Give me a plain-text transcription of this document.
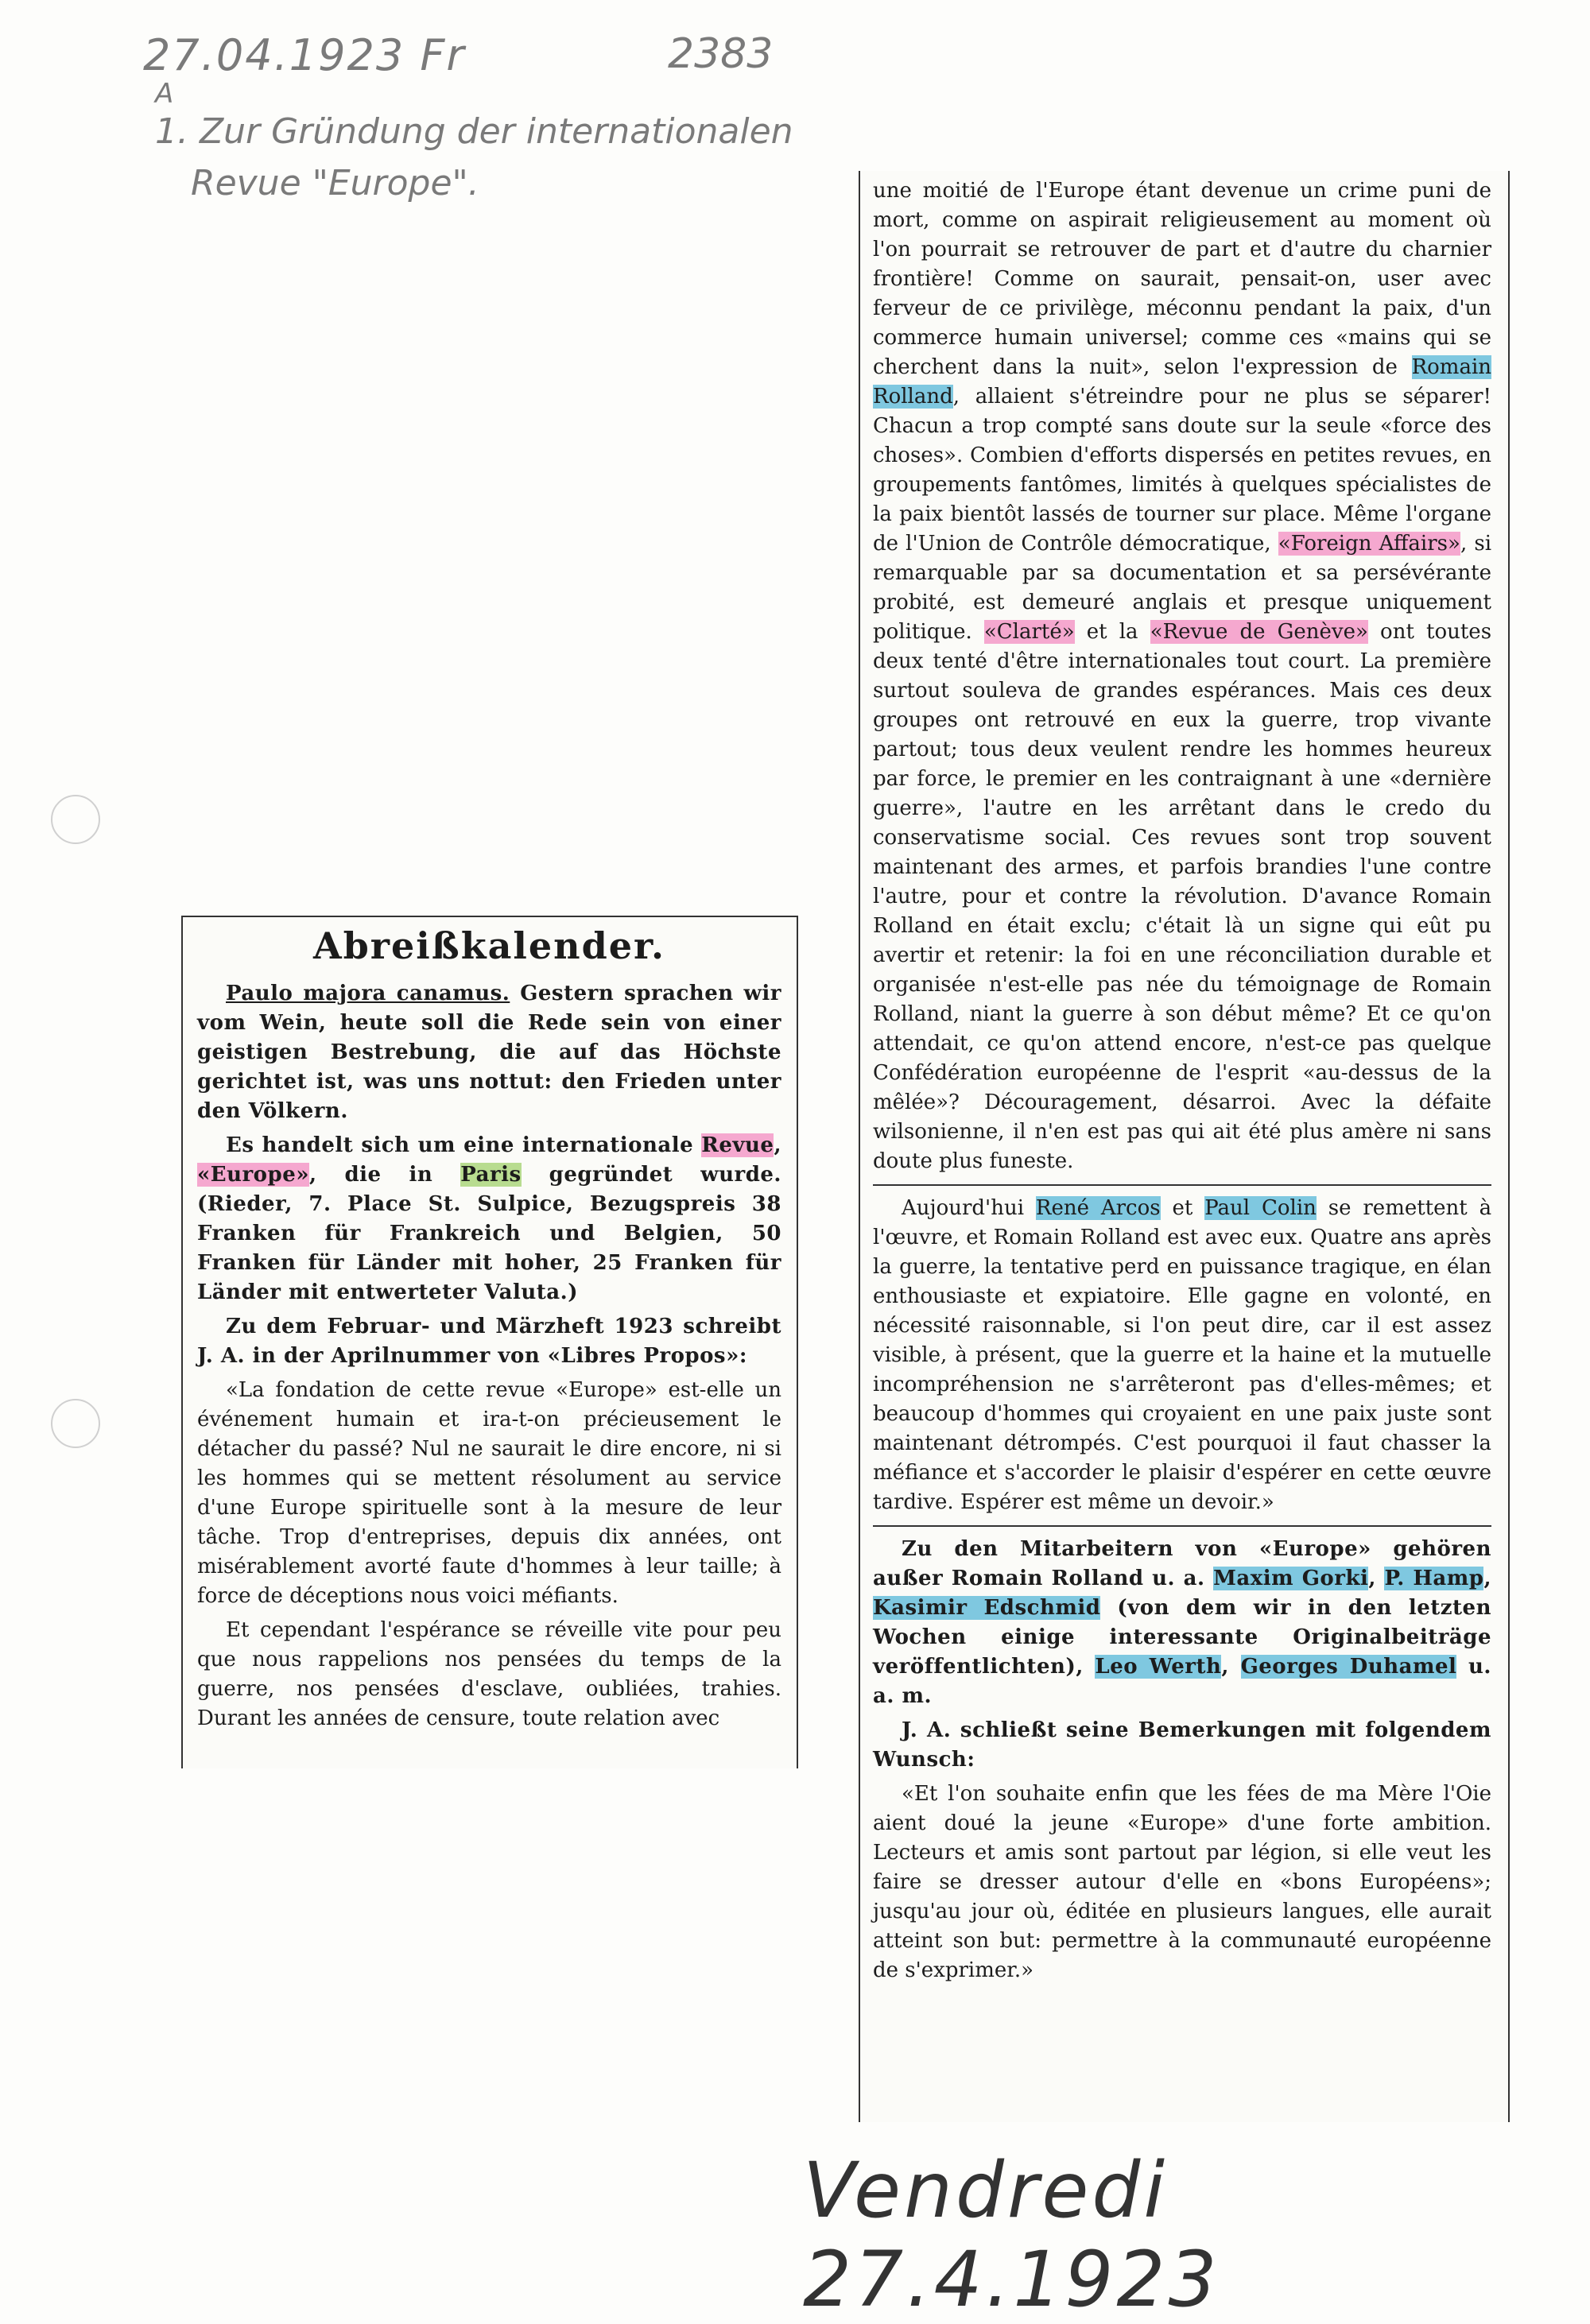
27.04.1923 Fr	2383
A
1. Zur Gründung der internationalen
Revue "Europe".
Abreißkalender.

Paulo majora canamus. Gestern sprachen wir vom Wein, heute soll die Rede sein von einer geistigen Bestrebung, die auf das Höchste gerichtet ist, was uns nottut: den Frieden unter den Völkern.

Es handelt sich um eine internationale Revue, «Europe», die in Paris gegründet wurde. (Rieder, 7. Place St. Sulpice, Bezugspreis 38 Franken für Frankreich und Belgien, 50 Franken für Länder mit hoher, 25 Franken für Länder mit entwerteter Valuta.)

Zu dem Februar- und Märzheft 1923 schreibt J. A. in der Aprilnummer von «Libres Propos»:

«La fondation de cette revue «Europe» est-elle un événement humain et ira-t-on précieusement le détacher du passé? Nul ne saurait le dire encore, ni si les hommes qui se mettent résolument au service d'une Europe spirituelle sont à la mesure de leur tâche. Trop d'entreprises, depuis dix années, ont misérablement avorté faute d'hommes à leur taille; à force de déceptions nous voici méfiants.

Et cependant l'espérance se réveille vite pour peu que nous rappelions nos pensées du temps de la guerre, nos pensées d'esclave, oubliées, trahies. Durant les années de censure, toute relation avec

une moitié de l'Europe étant devenue un crime puni de mort, comme on aspirait religieusement au moment où l'on pourrait se retrouver de part et d'autre du charnier frontière! Comme on saurait, pensait-on, user avec ferveur de ce privilège, méconnu pendant la paix, d'un commerce humain universel; comme ces «mains qui se cherchent dans la nuit», selon l'expression de Romain Rolland, allaient s'étreindre pour ne plus se séparer! Chacun a trop compté sans doute sur la seule «force des choses». Combien d'efforts dispersés en petites revues, en groupements fantômes, limités à quelques spécialistes de la paix bientôt lassés de tourner sur place. Même l'organe de l'Union de Contrôle démocratique, «Foreign Affairs», si remarquable par sa documentation et sa persévérante probité, est demeuré anglais et presque uniquement politique. «Clarté» et la «Revue de Genève» ont toutes deux tenté d'être internationales tout court. La première surtout souleva de grandes espérances. Mais ces deux groupes ont retrouvé en eux la guerre, trop vivante partout; tous deux veulent rendre les hommes heureux par force, le premier en les contraignant à une «dernière guerre», l'autre en les arrêtant dans le credo du conservatisme social. Ces revues sont trop souvent maintenant des armes, et parfois brandies l'une contre l'autre, pour et contre la révolution. D'avance Romain Rolland en était exclu; c'était là un signe qui eût pu avertir et retenir: la foi en une réconciliation durable et organisée n'est-elle pas née du témoignage de Romain Rolland, niant la guerre à son début même? Et ce qu'on attendait, ce qu'on attend encore, n'est-ce pas quelque Confédération européenne de l'esprit «au-dessus de la mêlée»? Découragement, désarroi. Avec la défaite wilsonienne, il n'en est pas qui ait été plus amère ni sans doute plus funeste.

Aujourd'hui René Arcos et Paul Colin se remettent à l'œuvre, et Romain Rolland est avec eux. Quatre ans après la guerre, la tentative perd en puissance tragique, en élan enthousiaste et expiatoire. Elle gagne en volonté, en nécessité raisonnable, si l'on peut dire, car il est assez visible, à présent, que la guerre et la haine et la mutuelle incompréhension ne s'arrêteront pas d'elles-mêmes; et beaucoup d'hommes qui croyaient en une paix juste sont maintenant détrompés. C'est pourquoi il faut chasser la méfiance et s'accorder le plaisir d'espérer en cette œuvre tardive. Espérer est même un devoir.»

Zu den Mitarbeitern von «Europe» gehören außer Romain Rolland u. a. Maxim Gorki, P. Hamp, Kasimir Edschmid (von dem wir in den letzten Wochen einige interessante Originalbeiträge veröffentlichten), Leo Werth, Georges Duhamel u. a. m.

J. A. schließt seine Bemerkungen mit folgendem Wunsch:

«Et l'on souhaite enfin que les fées de ma Mère l'Oie aient doué la jeune «Europe» d'une forte ambition. Lecteurs et amis sont partout par légion, si elle veut les faire se dresser autour d'elle en «bons Européens»; jusqu'au jour où, éditée en plusieurs langues, elle aurait atteint son but: permettre à la communauté européenne de s'exprimer.»

Vendredi 27.4.1923
